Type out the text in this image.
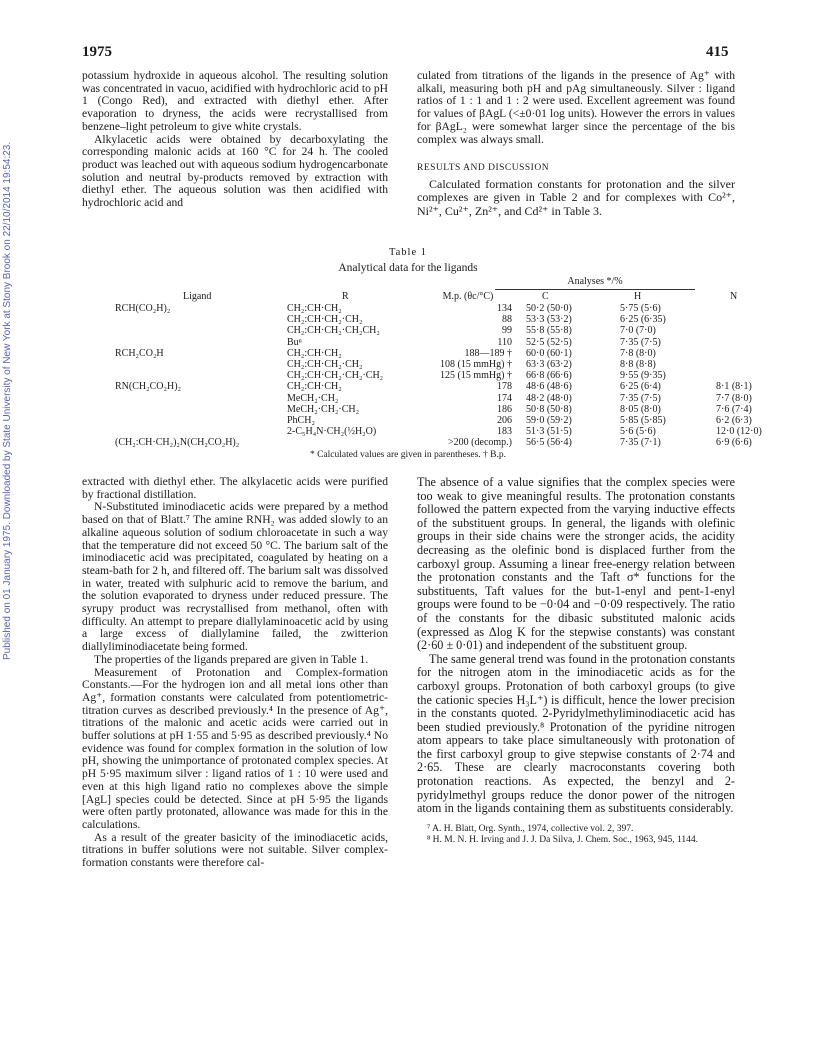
Published on 01 January 1975. Downloaded by State University of New York at Stony Brook on 22/10/2014 19:54:23.
1975	415

potassium hydroxide in aqueous alcohol. The resulting solution was concentrated in vacuo, acidified with hydrochloric acid to pH 1 (Congo Red), and extracted with diethyl ether. After evaporation to dryness, the acids were recrystallised from benzene–light petroleum to give white crystals.

Alkylacetic acids were obtained by decarboxylating the corresponding malonic acids at 160 °C for 24 h. The cooled product was leached out with aqueous sodium hydrogencarbonate solution and neutral by-products removed by extraction with diethyl ether. The aqueous solution was then acidified with hydrochloric acid and

culated from titrations of the ligands in the presence of Ag⁺ with alkali, measuring both pH and pAg simultaneously. Silver : ligand ratios of 1 : 1 and 1 : 2 were used. Excellent agreement was found for values of βAgL (<±0·01 log units). However the errors in values for βAgL₂ were somewhat larger since the percentage of the bis complex was always small.

RESULTS AND DISCUSSION

Calculated formation constants for protonation and the silver complexes are given in Table 2 and for complexes with Co²⁺, Ni²⁺, Cu²⁺, Zn²⁺, and Cd²⁺ in Table 3.

Table 1
Analytical data for the ligands
Analyses */%
Ligand	R	M.p. (θc/°C)	C	H	N
RCH(CO₂H)₂	CH₂:CH·CH₂	134	50·2 (50·0)	5·75 (5·6)	
	CH₂:CH·CH₂·CH₂	88	53·3 (53·2)	6·25 (6·35)	
	CH₂:CH·CH₂·CH₂CH₂	99	55·8 (55·8)	7·0 (7·0)	
	Buⁿ	110	52·5 (52·5)	7·35 (7·5)	
RCH₂CO₂H	CH₂:CH·CH₂	188—189 †	60·0 (60·1)	7·8 (8·0)	
	CH₂:CH·CH₂·CH₂	108 (15 mmHg) †	63·3 (63·2)	8·8 (8·8)	
	CH₂:CH·CH₂·CH₂·CH₂	125 (15 mmHg) †	66·8 (66·6)	9·55 (9·35)	
RN(CH₂CO₂H)₂	CH₂:CH·CH₂	178	48·6 (48·6)	6·25 (6·4)	8·1 (8·1)
	MeCH₂·CH₂	174	48·2 (48·0)	7·35 (7·5)	7·7 (8·0)
	MeCH₂·CH₂·CH₂	186	50·8 (50·8)	8·05 (8·0)	7·6 (7·4)
	PhCH₂	206	59·0 (59·2)	5·85 (5·85)	6·2 (6·3)
	2-C₅H₄N·CH₂(½H₂O)	183	51·3 (51·5)	5·6 (5·6)	12·0 (12·0)
(CH₂:CH·CH₂)₂N(CH₂CO₂H)₂		>200 (decomp.)	56·5 (56·4)	7·35 (7·1)	6·9 (6·6)
* Calculated values are given in parentheses. † B.p.

extracted with diethyl ether. The alkylacetic acids were purified by fractional distillation.

N-Substituted iminodiacetic acids were prepared by a method based on that of Blatt.⁷ The amine RNH₂ was added slowly to an alkaline aqueous solution of sodium chloroacetate in such a way that the temperature did not exceed 50 °C. The barium salt of the iminodiacetic acid was precipitated, coagulated by heating on a steam-bath for 2 h, and filtered off. The barium salt was dissolved in water, treated with sulphuric acid to remove the barium, and the solution evaporated to dryness under reduced pressure. The syrupy product was recrystallised from methanol, often with difficulty. An attempt to prepare diallylaminoacetic acid by using a large excess of diallylamine failed, the zwitterion diallyliminodiacetate being formed.

The properties of the ligands prepared are given in Table 1.

Measurement of Protonation and Complex-formation Constants.—For the hydrogen ion and all metal ions other than Ag⁺, formation constants were calculated from potentiometric-titration curves as described previously.⁴ In the presence of Ag⁺, titrations of the malonic and acetic acids were carried out in buffer solutions at pH 1·55 and 5·95 as described previously.⁴ No evidence was found for complex formation in the solution of low pH, showing the unimportance of protonated complex species. At pH 5·95 maximum silver : ligand ratios of 1 : 10 were used and even at this high ligand ratio no complexes above the simple [AgL] species could be detected. Since at pH 5·95 the ligands were often partly protonated, allowance was made for this in the calculations.

As a result of the greater basicity of the iminodiacetic acids, titrations in buffer solutions were not suitable. Silver complex-formation constants were therefore cal-

The absence of a value signifies that the complex species were too weak to give meaningful results. The protonation constants followed the pattern expected from the varying inductive effects of the substituent groups. In general, the ligands with olefinic groups in their side chains were the stronger acids, the acidity decreasing as the olefinic bond is displaced further from the carboxyl group. Assuming a linear free-energy relation between the protonation constants and the Taft σ* functions for the substituents, Taft values for the but-1-enyl and pent-1-enyl groups were found to be −0·04 and −0·09 respectively. The ratio of the constants for the dibasic substituted malonic acids (expressed as Δlog K for the stepwise constants) was constant (2·60 ± 0·01) and independent of the substituent group.

The same general trend was found in the protonation constants for the nitrogen atom in the iminodiacetic acids as for the carboxyl groups. Protonation of both carboxyl groups (to give the cationic species H₃L⁺) is difficult, hence the lower precision in the constants quoted. 2-Pyridylmethyliminodiacetic acid has been studied previously.⁸ Protonation of the pyridine nitrogen atom appears to take place simultaneously with protonation of the first carboxyl group to give stepwise constants of 2·74 and 2·65. These are clearly macroconstants covering both protonation reactions. As expected, the benzyl and 2-pyridylmethyl groups reduce the donor power of the nitrogen atom in the ligands containing them as substituents considerably.

⁷ A. H. Blatt, Org. Synth., 1974, collective vol. 2, 397.
⁸ H. M. N. H. Irving and J. J. Da Silva, J. Chem. Soc., 1963, 945, 1144.
